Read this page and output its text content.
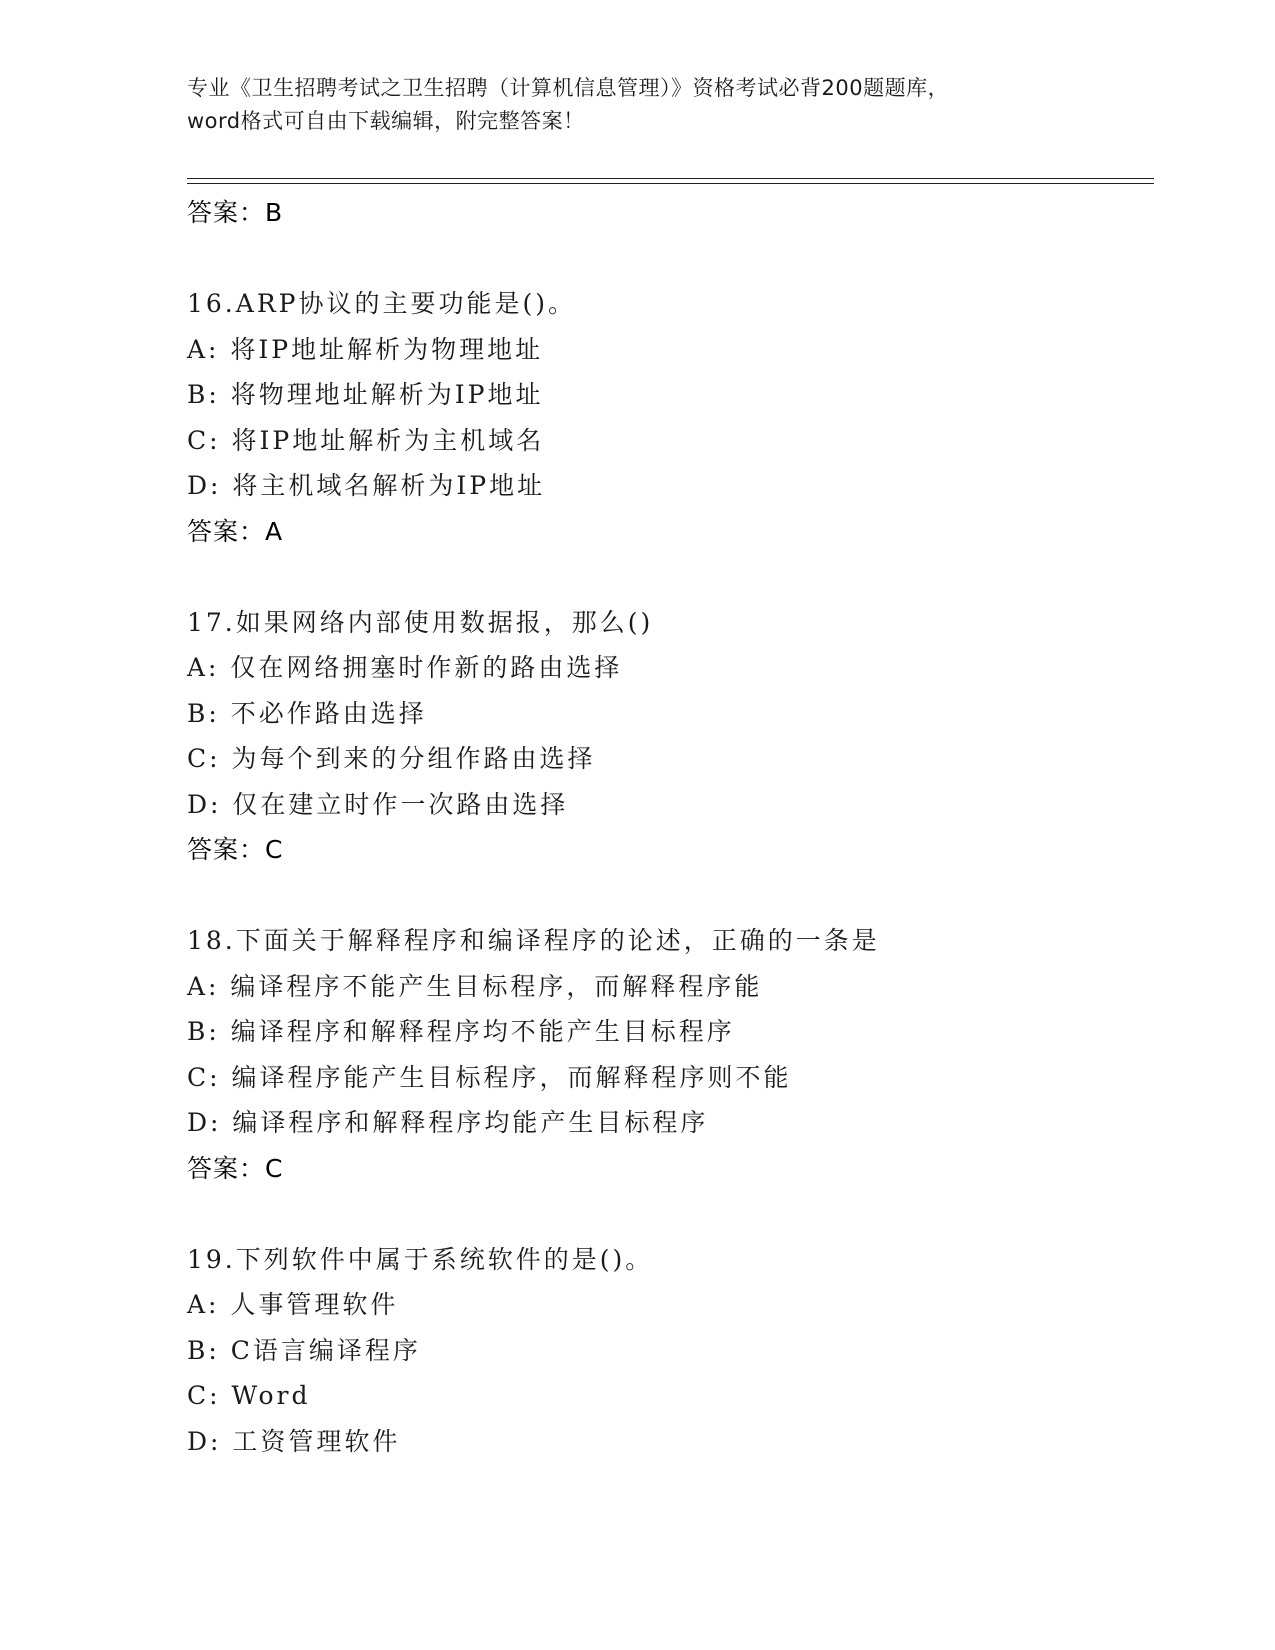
专业《卫生招聘考试之卫生招聘（计算机信息管理）》资格考试必背200题题库，
word格式可自由下载编辑，附完整答案！
答案：B
16.ARP协议的主要功能是()。
A: 将IP地址解析为物理地址
B: 将物理地址解析为IP地址
C: 将IP地址解析为主机域名
D: 将主机域名解析为IP地址
答案：A
17.如果网络内部使用数据报，那么()
A: 仅在网络拥塞时作新的路由选择
B: 不必作路由选择
C: 为每个到来的分组作路由选择
D: 仅在建立时作一次路由选择
答案：C
18.下面关于解释程序和编译程序的论述，正确的一条是
A: 编译程序不能产生目标程序，而解释程序能
B: 编译程序和解释程序均不能产生目标程序
C: 编译程序能产生目标程序，而解释程序则不能
D: 编译程序和解释程序均能产生目标程序
答案：C
19.下列软件中属于系统软件的是()。
A: 人事管理软件
B: C语言编译程序
C: Word
D: 工资管理软件
